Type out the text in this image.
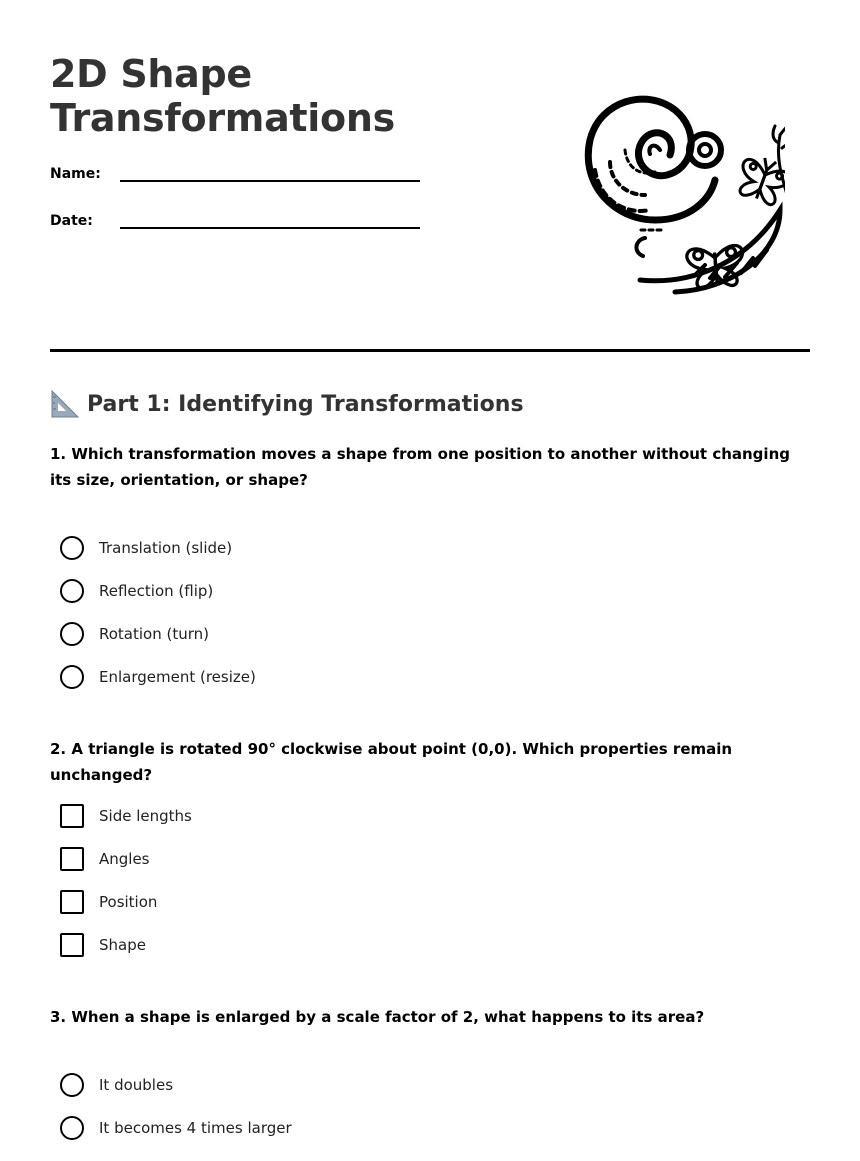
2D Shape
Transformations
Name:
Date:
Part 1: Identifying Transformations

1. Which transformation moves a shape from one position to another without changing its size, orientation, or shape?

Translation (slide)
Reflection (flip)
Rotation (turn)
Enlargement (resize)

2. A triangle is rotated 90° clockwise about point (0,0). Which properties remain unchanged?

Side lengths
Angles
Position
Shape

3. When a shape is enlarged by a scale factor of 2, what happens to its area?

It doubles
It becomes 4 times larger
